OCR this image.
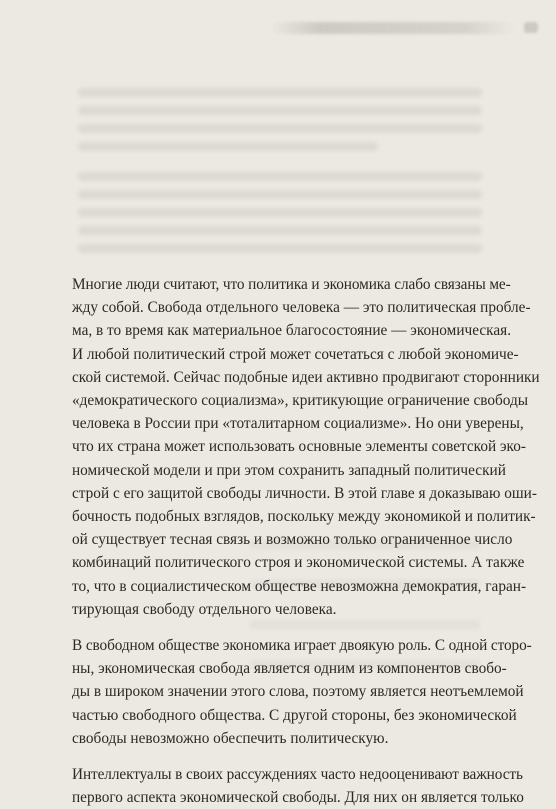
Многие люди считают, что политика и экономика слабо связаны ме-
жду собой. Свобода отдельного человека — это политическая пробле-
ма, в то время как материальное благосостояние — экономическая.
И любой политический строй может сочетаться с любой экономиче-
ской системой. Сейчас подобные идеи активно продвигают сторонники
«демократического социализма», критикующие ограничение свободы
человека в России при «тоталитарном социализме». Но они уверены,
что их страна может использовать основные элементы советской эко-
номической модели и при этом сохранить западный политический
строй с его защитой свободы личности. В этой главе я доказываю оши-
бочность подобных взглядов, поскольку между экономикой и политик-
ой существует тесная связь и возможно только ограниченное число
комбинаций политического строя и экономической системы. А также
то, что в социалистическом обществе невозможна демократия, гаран-
тирующая свободу отдельного человека.

В свободном обществе экономика играет двоякую роль. С одной сторо-
ны, экономическая свобода является одним из компонентов свобо-
ды в широком значении этого слова, поэтому является неотъемлемой
частью свободного общества. С другой стороны, без экономической
свободы невозможно обеспечить политическую.

Интеллектуалы в своих рассуждениях часто недооценивают важность
первого аспекта экономической свободы. Для них он является только
